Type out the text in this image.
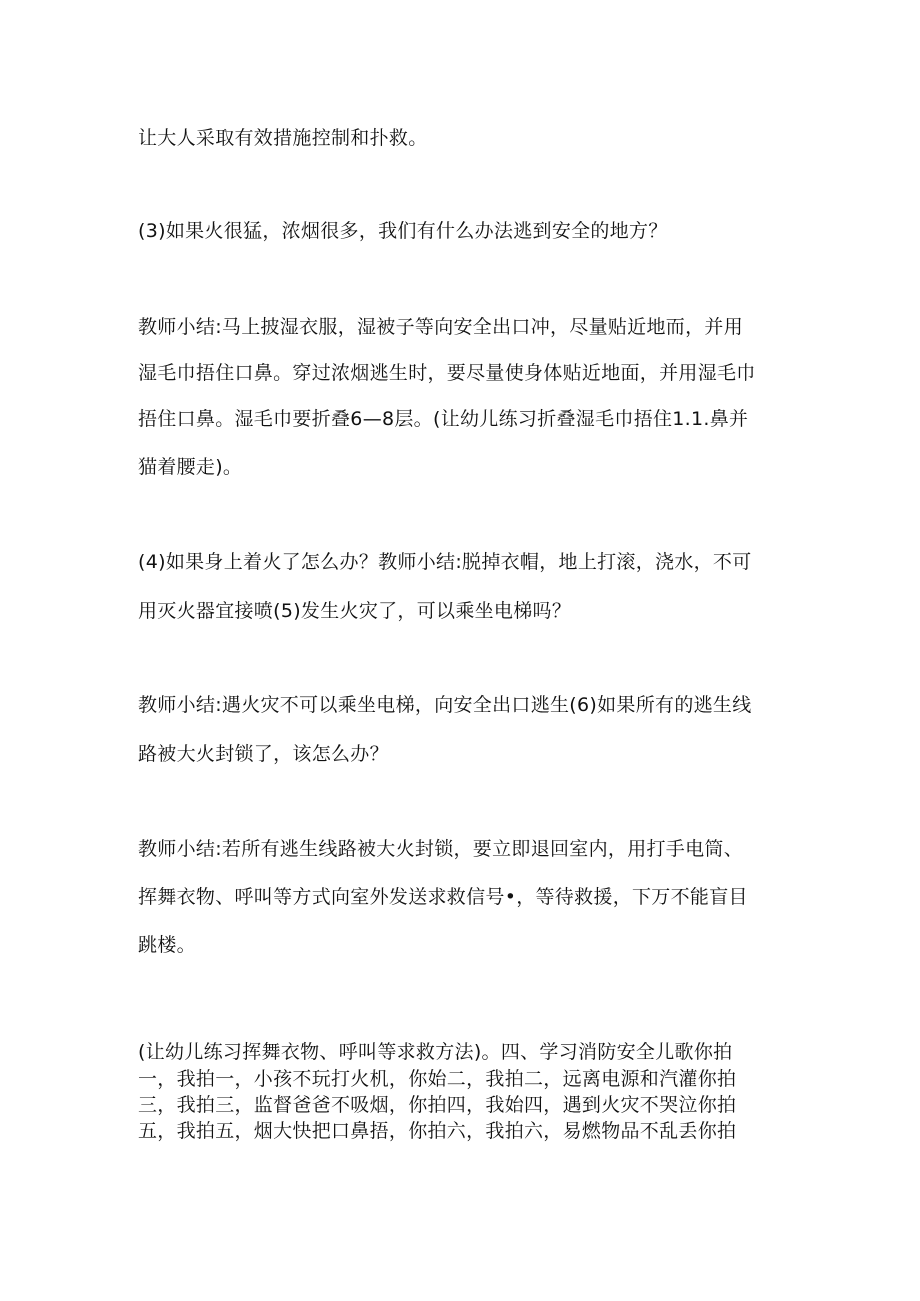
让大人采取有效措施控制和扑救。
(3)如果火很猛，浓烟很多，我们有什么办法逃到安全的地方？
教师小结:马上披湿衣服，湿被子等向安全出口冲，尽量贴近地而，并用
湿毛巾捂住口鼻。穿过浓烟逃生时，要尽量使身体贴近地面，并用湿毛巾
捂住口鼻。湿毛巾要折叠6—8层。(让幼儿练习折叠湿毛巾捂住1.1.鼻并
猫着腰走)。
(4)如果身上着火了怎么办？教师小结:脱掉衣帽，地上打滚，浇水，不可
用灭火器宜接喷(5)发生火灾了，可以乘坐电梯吗？
教师小结:遇火灾不可以乘坐电梯，向安全出口逃生(6)如果所有的逃生线
路被大火封锁了，该怎么办？
教师小结:若所有逃生线路被大火封锁，要立即退回室内，用打手电筒、
挥舞衣物、呼叫等方式向室外发送求救信号•，等待救援，下万不能盲目
跳楼。
(让幼儿练习挥舞衣物、呼叫等求救方法)。四、学习消防安全儿歌你拍
一，我拍一，小孩不玩打火机，你始二，我拍二，远离电源和汽灌你拍
三，我拍三，监督爸爸不吸烟，你拍四，我始四，遇到火灾不哭泣你拍
五，我拍五，烟大快把口鼻捂，你拍六，我拍六，易燃物品不乱丢你拍
